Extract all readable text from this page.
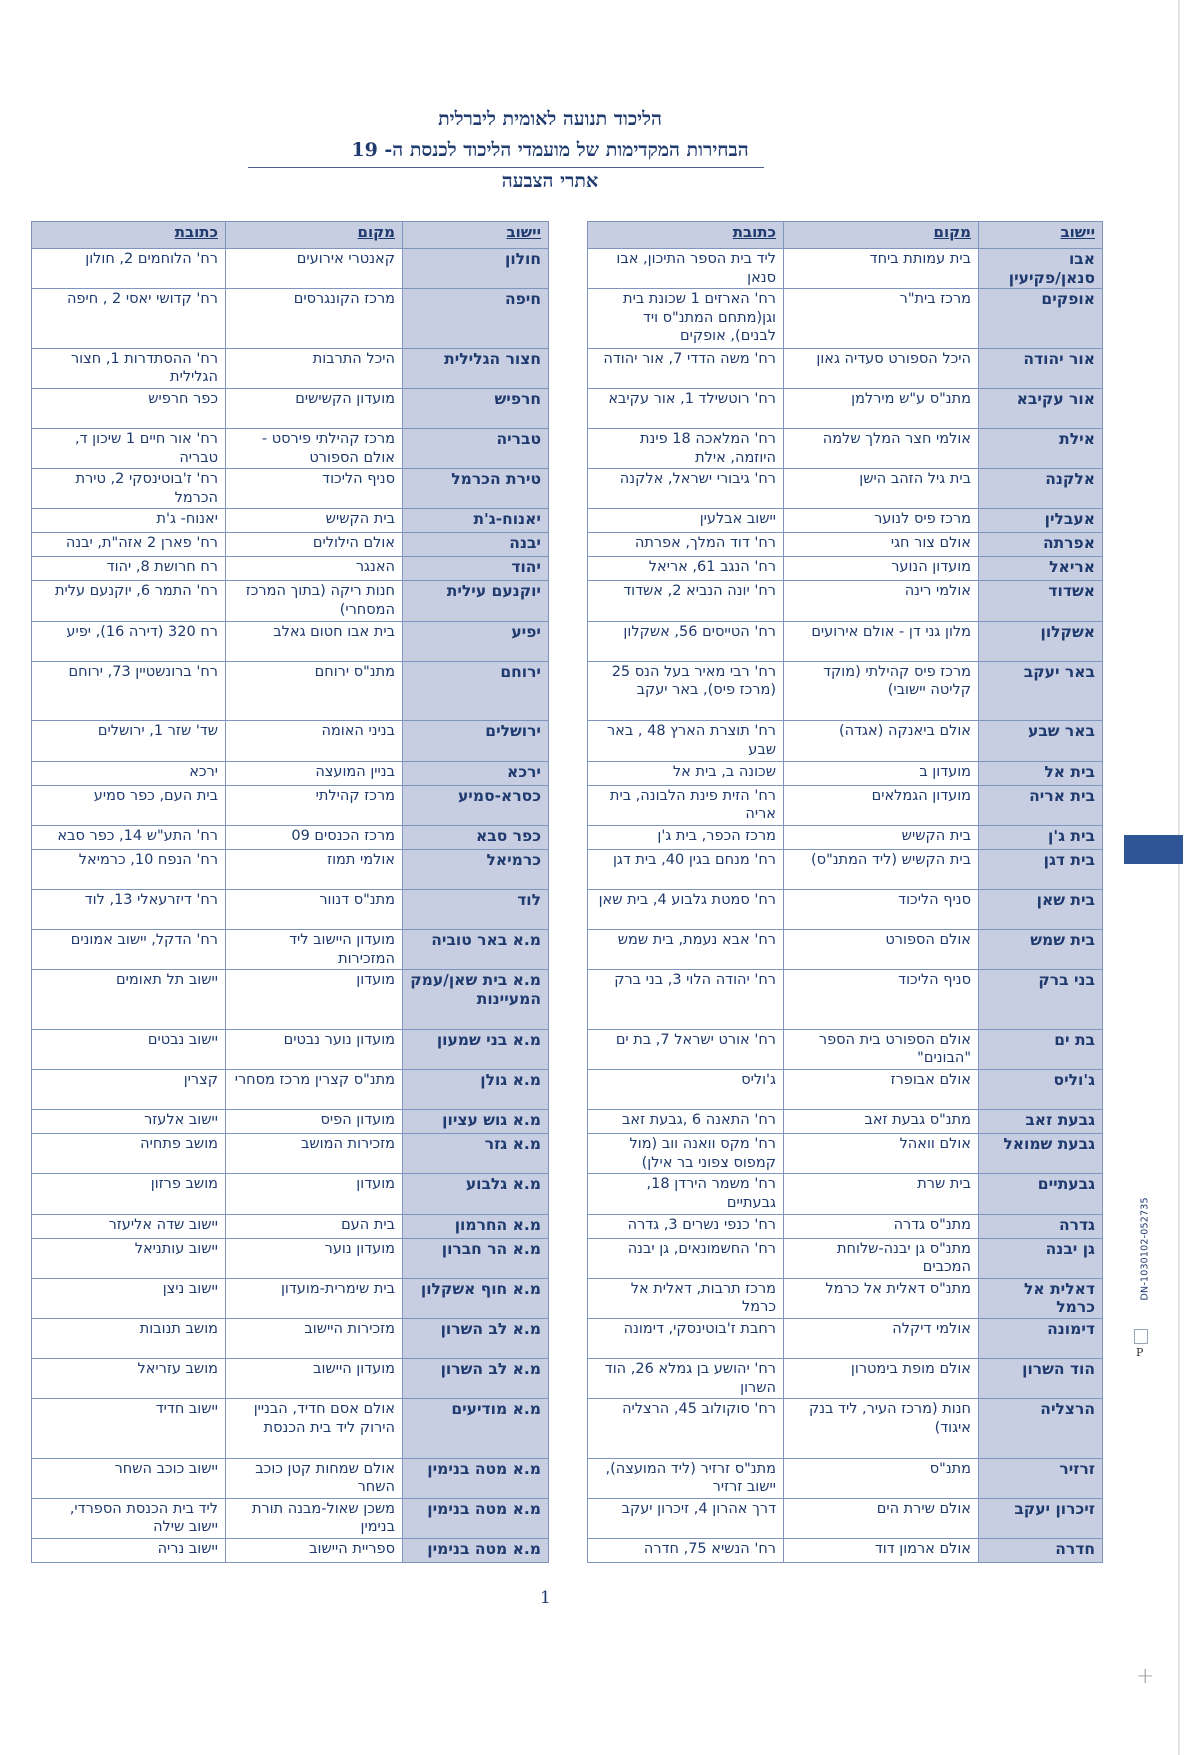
הליכוד תנועה לאומית ליברלית
הבחירות המקדימות של מועמדי הליכוד לכנסת ה- 19
אתרי הצבעה
יישוב	מקום	כתובת
אבו סנאן/פקיעין	בית עמותת ביחד	ליד בית הספר התיכון, אבו סנאן
אופקים	מרכז בית"ר	רח' הארזים 1 שכונת בית וגן(מתחם המתנ"ס ויד לבנים), אופקים
אור יהודה	היכל הספורט סעדיה גאון	רח' משה הדדי 7, אור יהודה
אור עקיבא	מתנ"ס ע"ש מירלמן	רח' רוטשילד 1, אור עקיבא
אילת	אולמי חצר המלך שלמה	רח' המלאכה 18 פינת היוזמה, אילת
אלקנה	בית גיל הזהב הישן	רח' גיבורי ישראל, אלקנה
אעבלין	מרכז פיס לנוער	יישוב אבלעין
אפרתה	אולם צור חגי	רח' דוד המלך, אפרתה
אריאל	מועדון הנוער	רח' הנגב 61, אריאל
אשדוד	אולמי רינה	רח' יונה הנביא 2, אשדוד
אשקלון	מלון גני דן - אולם אירועים	רח' הטייסים 56, אשקלון
באר יעקב	מרכז פיס קהילתי (מוקד קליטה יישובי)	רח' רבי מאיר בעל הנס 25 (מרכז פיס), באר יעקב
באר שבע	אולם ביאנקה (אגדה)	רח' תוצרת הארץ 48 , באר שבע
בית אל	מועדון ב	שכונה ב, בית אל
בית אריה	מועדון הגמלאים	רח' הזית פינת הלבונה, בית אריה
בית ג'ן	בית הקשיש	מרכז הכפר, בית ג'ן
בית דגן	בית הקשיש (ליד המתנ"ס)	רח' מנחם בגין 40, בית דגן
בית שאן	סניף הליכוד	רח' סמטת גלבוע 4, בית שאן
בית שמש	אולם הספורט	רח' אבא נעמת, בית שמש
בני ברק	סניף הליכוד	רח' יהודה הלוי 3, בני ברק
בת ים	אולם הספורט בית הספר "הבונים"	רח' אורט ישראל 7, בת ים
ג'וליס	אולם אבופרז	ג'וליס
גבעת זאב	מתנ"ס גבעת זאב	רח' התאנה 6 ,גבעת זאב
גבעת שמואל	אולם וואהל	רח' מקס וואנה ווב (מול קמפוס צפוני בר אילן)
גבעתיים	בית שרת	רח' משמר הירדן 18, גבעתיים
גדרה	מתנ"ס גדרה	רח' כנפי נשרים 3, גדרה
גן יבנה	מתנ"ס גן יבנה-שלוחת המכבים	רח' החשמונאים, גן יבנה
דאלית אל כרמל	מתנ"ס דאלית אל כרמל	מרכז תרבות, דאלית אל כרמל
דימונה	אולמי דיקלה	רחבת ז'בוטינסקי, דימונה
הוד השרון	אולם מופת בימטרון	רח' יהושע בן גמלא 26, הוד השרון
הרצליה	חנות (מרכז העיר, ליד בנק איגוד)	רח' סוקולוב 45, הרצליה
זרזיר	מתנ"ס	מתנ"ס זרזיר (ליד המועצה), יישוב זרזיר
זיכרון יעקב	אולם שירת הים	דרך אהרון 4, זיכרון יעקב
חדרה	אולם ארמון דוד	רח' הנשיא 75, חדרה
יישוב	מקום	כתובת
חולון	קאנטרי אירועים	רח' הלוחמים 2, חולון
חיפה	מרכז הקונגרסים	רח' קדושי יאסי 2 , חיפה
חצור הגלילית	היכל התרבות	רח' ההסתדרות 1, חצור הגלילית
חרפיש	מועדון הקשישים	כפר חרפיש
טבריה	מרכז קהילתי פירסט - אולם הספורט	רח' אור חיים 1 שיכון ד, טבריה
טירת הכרמל	סניף הליכוד	רח' ז'בוטינסקי 2, טירת הכרמל
יאנוח-ג'ת	בית הקשיש	יאנוח- ג'ת
יבנה	אולם הילולים	רח' פארן 2 אזה"ת, יבנה
יהוד	האנגר	רח חרושת 8, יהוד
יוקנעם עילית	חנות ריקה (בתוך המרכז המסחרי)	רח' התמר 6, יוקנעם עלית
יפיע	בית אבו חטום גאלב	רח 320 (דירה 16), יפיע
ירוחם	מתנ"ס ירוחם	רח' ברונשטיין 73, ירוחם
ירושלים	בניני האומה	שד' שזר 1, ירושלים
ירכא	בניין המועצה	ירכא
כסרא-סמיע	מרכז קהילתי	בית העם, כפר סמיע
כפר סבא	מרכז הכנסים 09	רח' התע"ש 14, כפר סבא
כרמיאל	אולמי תמוז	רח' הנפח 10, כרמיאל
לוד	מתנ"ס דנוור	רח' דיזרעאלי 13, לוד
מ.א באר טוביה	מועדון היישוב ליד המזכירות	רח' הדקל, יישוב אמונים
מ.א בית שאן/עמק המעיינות	מועדון	יישוב תל תאומים
מ.א בני שמעון	מועדון נוער נבטים	יישוב נבטים
מ.א גולן	מתנ"ס קצרין מרכז מסחרי	קצרין
מ.א גוש עציון	מועדון הפיס	יישוב אלעזר
מ.א גזר	מזכירות המושב	מושב פתחיה
מ.א גלבוע	מועדון	מושב פרזון
מ.א החרמון	בית העם	יישוב שדה אליעזר
מ.א הר חברון	מועדון נוער	יישוב עותניאל
מ.א חוף אשקלון	בית שימרית-מועדון	יישוב ניצן
מ.א לב השרון	מזכירות היישוב	מושב תנובות
מ.א לב השרון	מועדון היישוב	מושב עזריאל
מ.א מודיעים	אולם אסם חדיד, הבניין הירוק ליד בית הכנסת	יישוב חדיד
מ.א מטה בנימין	אולם שמחות קטן כוכב השחר	יישוב כוכב השחר
מ.א מטה בנימין	משכן שאול-מבנה תורת בנימין	ליד בית הכנסת הספרדי, יישוב שילה
מ.א מטה בנימין	ספריית היישוב	יישוב נריה
1
DN-1030102-052735
P
+
